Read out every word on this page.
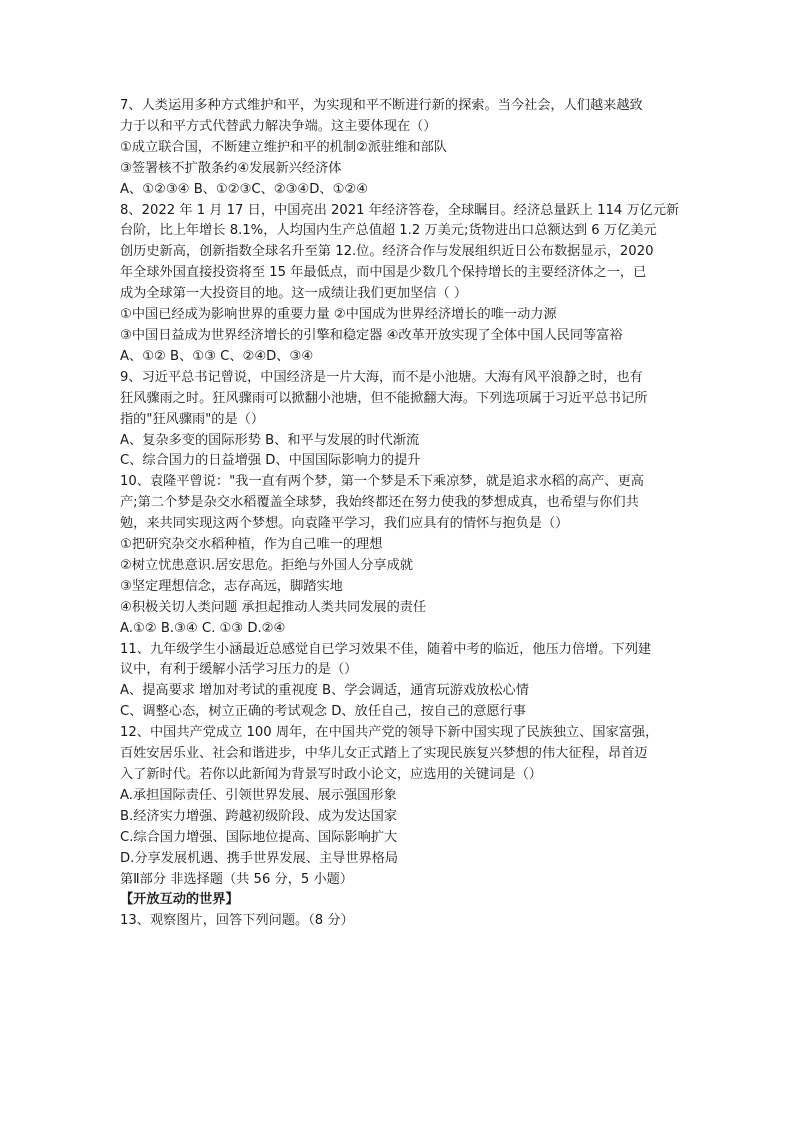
7、人类运用多种方式维护和平，为实现和平不断进行新的探索。当今社会，人们越来越致
力于以和平方式代替武力解决争端。这主要体现在（）
①成立联合国，不断建立维护和平的机制②派驻维和部队
③签署核不扩散条约④发展新兴经济体
A、①②③④ B、①②③C、②③④D、①②④
8、2022 年 1 月 17 日，中国亮出 2021 年经济答卷，全球瞩目。经济总量跃上 114 万亿元新
台阶，比上年增长 8.1%，人均国内生产总值超 1.2 万美元;货物进出口总额达到 6 万亿美元
创历史新高，创新指数全球名升至第 12.位。经济合作与发展组织近日公布数据显示，2020
年全球外国直接投资将至 15 年最低点，而中国是少数几个保持增长的主要经济体之一，已
成为全球第一大投资目的地。这一成绩让我们更加坚信（ ）
①中国已经成为影响世界的重要力量 ②中国成为世界经济增长的唯一动力源
③中国日益成为世界经济增长的引擎和稳定器 ④改革开放实现了全体中国人民同等富裕
A、①② B、①③ C、②④D、③④
9、习近平总书记曾说，中国经济是一片大海，而不是小池塘。大海有风平浪静之时，也有
狂风骤雨之时。狂风骤雨可以掀翻小池塘，但不能掀翻大海。下列选项属于习近平总书记所
指的"狂风骤雨"的是（）
A、复杂多变的国际形势 B、和平与发展的时代渐流
C、综合国力的日益增强 D、中国国际影响力的提升
10、袁隆平曾说："我一直有两个梦，第一个梦是禾下乘凉梦，就是追求水稻的高产、更高
产;第二个梦是杂交水稻覆盖全球梦，我始终都还在努力使我的梦想成真，也希望与你们共
勉，来共同实现这两个梦想。向袁隆平学习，我们应具有的情怀与抱负是（）
①把研究杂交水稻种植，作为自己唯一的理想
②树立忧患意识.居安思危。拒绝与外国人分享成就
③坚定理想信念，志存高远，脚踏实地
④积极关切人类问题 承担起推动人类共同发展的责任
A.①② B.③④ C. ①③ D.②④
11、九年级学生小涵最近总感觉自已学习效果不佳，随着中考的临近，他压力倍增。下列建
议中，有利于缓解小活学习压力的是（）
A、提高要求 增加对考试的重视度 B、学会调适，通宵玩游戏放松心情
C、调整心态，树立正确的考试观念 D、放任自己，按自己的意愿行事
12、中国共产党成立 100 周年，在中国共产党的领导下新中国实现了民族独立、国家富强，
百姓安居乐业、社会和谐进步，中华儿女正式踏上了实现民族复兴梦想的伟大征程，昂首迈
入了新时代。若你以此新闻为背景写时政小论文，应选用的关键词是（）
A.承担国际责任、引领世界发展、展示强国形象
B.经济实力增强、跨越初级阶段、成为发达国家
C.综合国力增强、国际地位提高、国际影响扩大
D.分享发展机遇、携手世界发展、主导世界格局
第Ⅱ部分 非选择题（共 56 分，5 小题）
【开放互动的世界】
13、观察图片，回答下列问题。（8 分）
